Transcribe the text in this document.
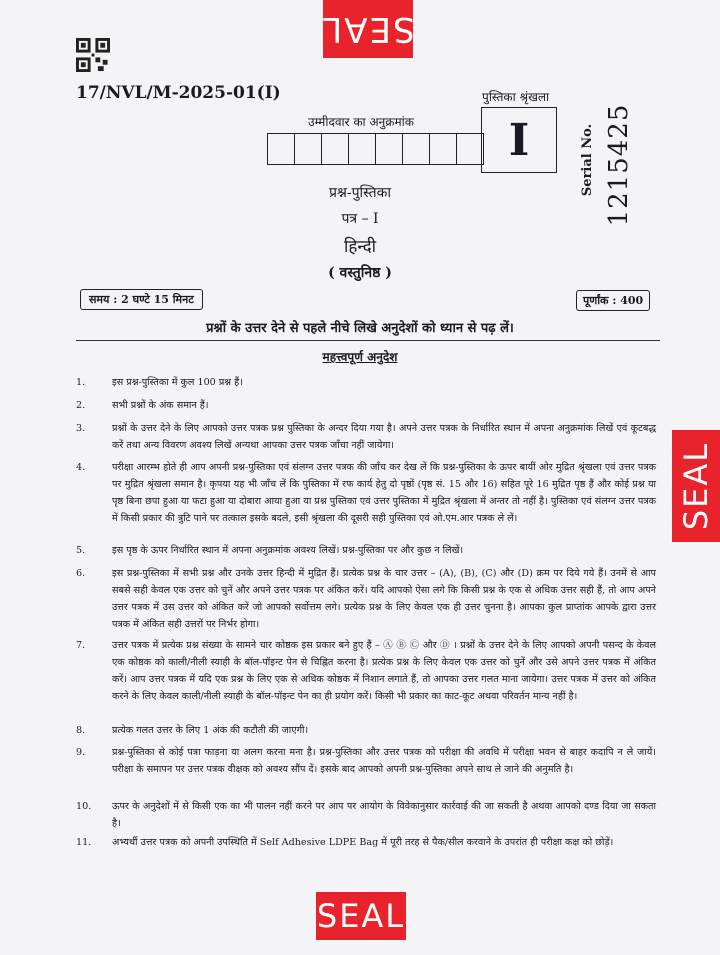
SEAL
SEAL
SEAL
17/NVL/M-2025-01(I)	पुस्तिका श्रृंखला
I	Serial No. 1215425
उम्मीदवार का अनुक्रमांक
प्रश्न-पुस्तिका
पत्र – I
हिन्दी
( वस्तुनिष्ठ )
समय : 2 घण्टे 15 मिनट	पूर्णांक : 400
प्रश्नों के उत्तर देने से पहले नीचे लिखे अनुदेशों को ध्यान से पढ़ लें।
महत्त्वपूर्ण अनुदेश
1.	इस प्रश्न-पुस्तिका में कुल 100 प्रश्न हैं।
2.	सभी प्रश्नों के अंक समान हैं।
3.	प्रश्नों के उत्तर देने के लिए आपको उत्तर पत्रक प्रश्न पुस्तिका के अन्दर दिया गया है। अपने उत्तर पत्रक के निर्धारित स्थान में अपना अनुक्रमांक लिखें एवं कूटबद्ध करें तथा अन्य विवरण अवश्य लिखें अन्यथा आपका उत्तर पत्रक जाँचा नहीं जायेगा।
4.	परीक्षा आरम्भ होते ही आप अपनी प्रश्न-पुस्तिका एवं संलग्न उत्तर पत्रक की जाँच कर देख लें कि प्रश्न-पुस्तिका के ऊपर बायीं ओर मुद्रित श्रृंखला एवं उत्तर पत्रक पर मुद्रित श्रृंखला समान है। कृपया यह भी जाँच लें कि पुस्तिका में रफ कार्य हेतु दो पृष्ठों (पृष्ठ सं. 15 और 16) सहित पूरे 16 मुद्रित पृष्ठ हैं और कोई प्रश्न या पृष्ठ बिना छपा हुआ या फटा हुआ या दोबारा आया हुआ या प्रश्न पुस्तिका एवं उत्तर पुस्तिका में मुद्रित श्रृंखला में अन्तर तो नहीं है। पुस्तिका एवं संलग्न उत्तर पत्रक में किसी प्रकार की त्रुटि पाने पर तत्काल इसके बदले, इसी श्रृंखला की दूसरी सही पुस्तिका एवं ओ.एम.आर पत्रक ले लें।
5.	इस पृष्ठ के ऊपर निर्धारित स्थान में अपना अनुक्रमांक अवश्य लिखें। प्रश्न-पुस्तिका पर और कुछ न लिखें।
6.	इस प्रश्न-पुस्तिका में सभी प्रश्न और उनके उत्तर हिन्दी में मुद्रित हैं। प्रत्येक प्रश्न के चार उत्तर – (A), (B), (C) और (D) क्रम पर दिये गये हैं। उनमें से आप सबसे सही केवल एक उत्तर को चुनें और अपने उत्तर पत्रक पर अंकित करें। यदि आपको ऐसा लगे कि किसी प्रश्न के एक से अधिक उत्तर सही हैं, तो आप अपने उत्तर पत्रक में उस उत्तर को अंकित करें जो आपको सर्वोत्तम लगे। प्रत्येक प्रश्न के लिए केवल एक ही उत्तर चुनना है। आपका कुल प्राप्तांक आपके द्वारा उत्तर पत्रक में अंकित सही उत्तरों पर निर्भर होगा।
7.	उत्तर पत्रक में प्रत्येक प्रश्न संख्या के सामने चार कोष्ठक इस प्रकार बने हुए हैं – Ⓐ Ⓑ Ⓒ और Ⓓ । प्रश्नों के उत्तर देने के लिए आपको अपनी पसन्द के केवल एक कोष्ठक को काली/नीली स्याही के बॉल-पॉइन्ट पेन से चिह्नित करना है। प्रत्येक प्रश्न के लिए केवल एक उत्तर को चुनें और उसे अपने उत्तर पत्रक में अंकित करें। आप उत्तर पत्रक में यदि एक प्रश्न के लिए एक से अधिक कोष्ठक में निशान लगाते हैं, तो आपका उत्तर गलत माना जायेगा। उत्तर पत्रक में उत्तर को अंकित करने के लिए केवल काली/नीली स्याही के बॉल-पॉइन्ट पेन का ही प्रयोग करें। किसी भी प्रकार का काट-कूट अथवा परिवर्तन मान्य नहीं है।
8.	प्रत्येक गलत उत्तर के लिए 1 अंक की कटौती की जाएगी।
9.	प्रश्न-पुस्तिका से कोई पत्रा फाड़ना या अलग करना मना है। प्रश्न-पुस्तिका और उत्तर पत्रक को परीक्षा की अवधि में परीक्षा भवन से बाहर कदापि न ले जायें। परीक्षा के समापन पर उत्तर पत्रक वीक्षक को अवश्य सौंप दें। इसके बाद आपको अपनी प्रश्न-पुस्तिका अपने साथ ले जाने की अनुमति है।
10.	ऊपर के अनुदेशों में से किसी एक का भी पालन नहीं करने पर आप पर आयोग के विवेकानुसार कार्रवाई की जा सकती है अथवा आपको दण्ड दिया जा सकता है।
11.	अभ्यर्थी उत्तर पत्रक को अपनी उपस्थिति में Self Adhesive LDPE Bag में पूरी तरह से पैक/सील करवाने के उपरांत ही परीक्षा कक्ष को छोड़ें।
